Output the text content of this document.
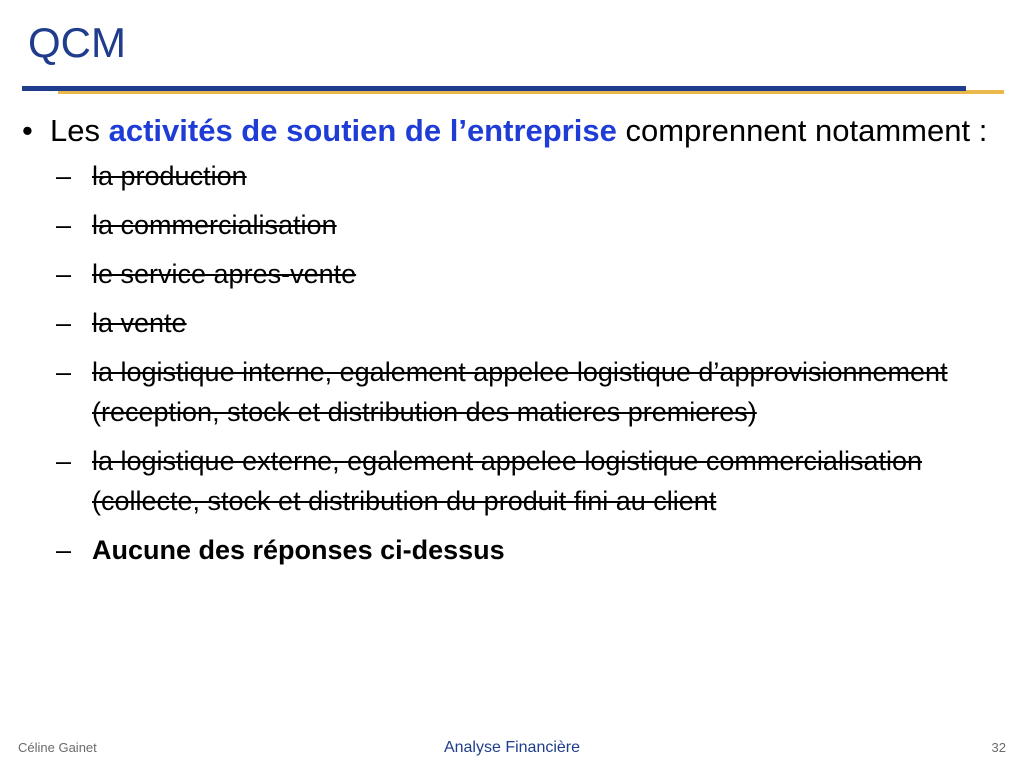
QCM
• Les activités de soutien de l’entreprise comprennent notamment :
– la production
– la commercialisation
– le service apres-vente
– la vente
– la logistique interne, egalement appelee logistique d’approvisionnement (reception, stock et distribution des matieres premieres)
– la logistique externe, egalement appelee logistique commercialisation (collecte, stock et distribution du produit fini au client
– Aucune des réponses ci-dessus
Céline Gainet	Analyse Financière	32
